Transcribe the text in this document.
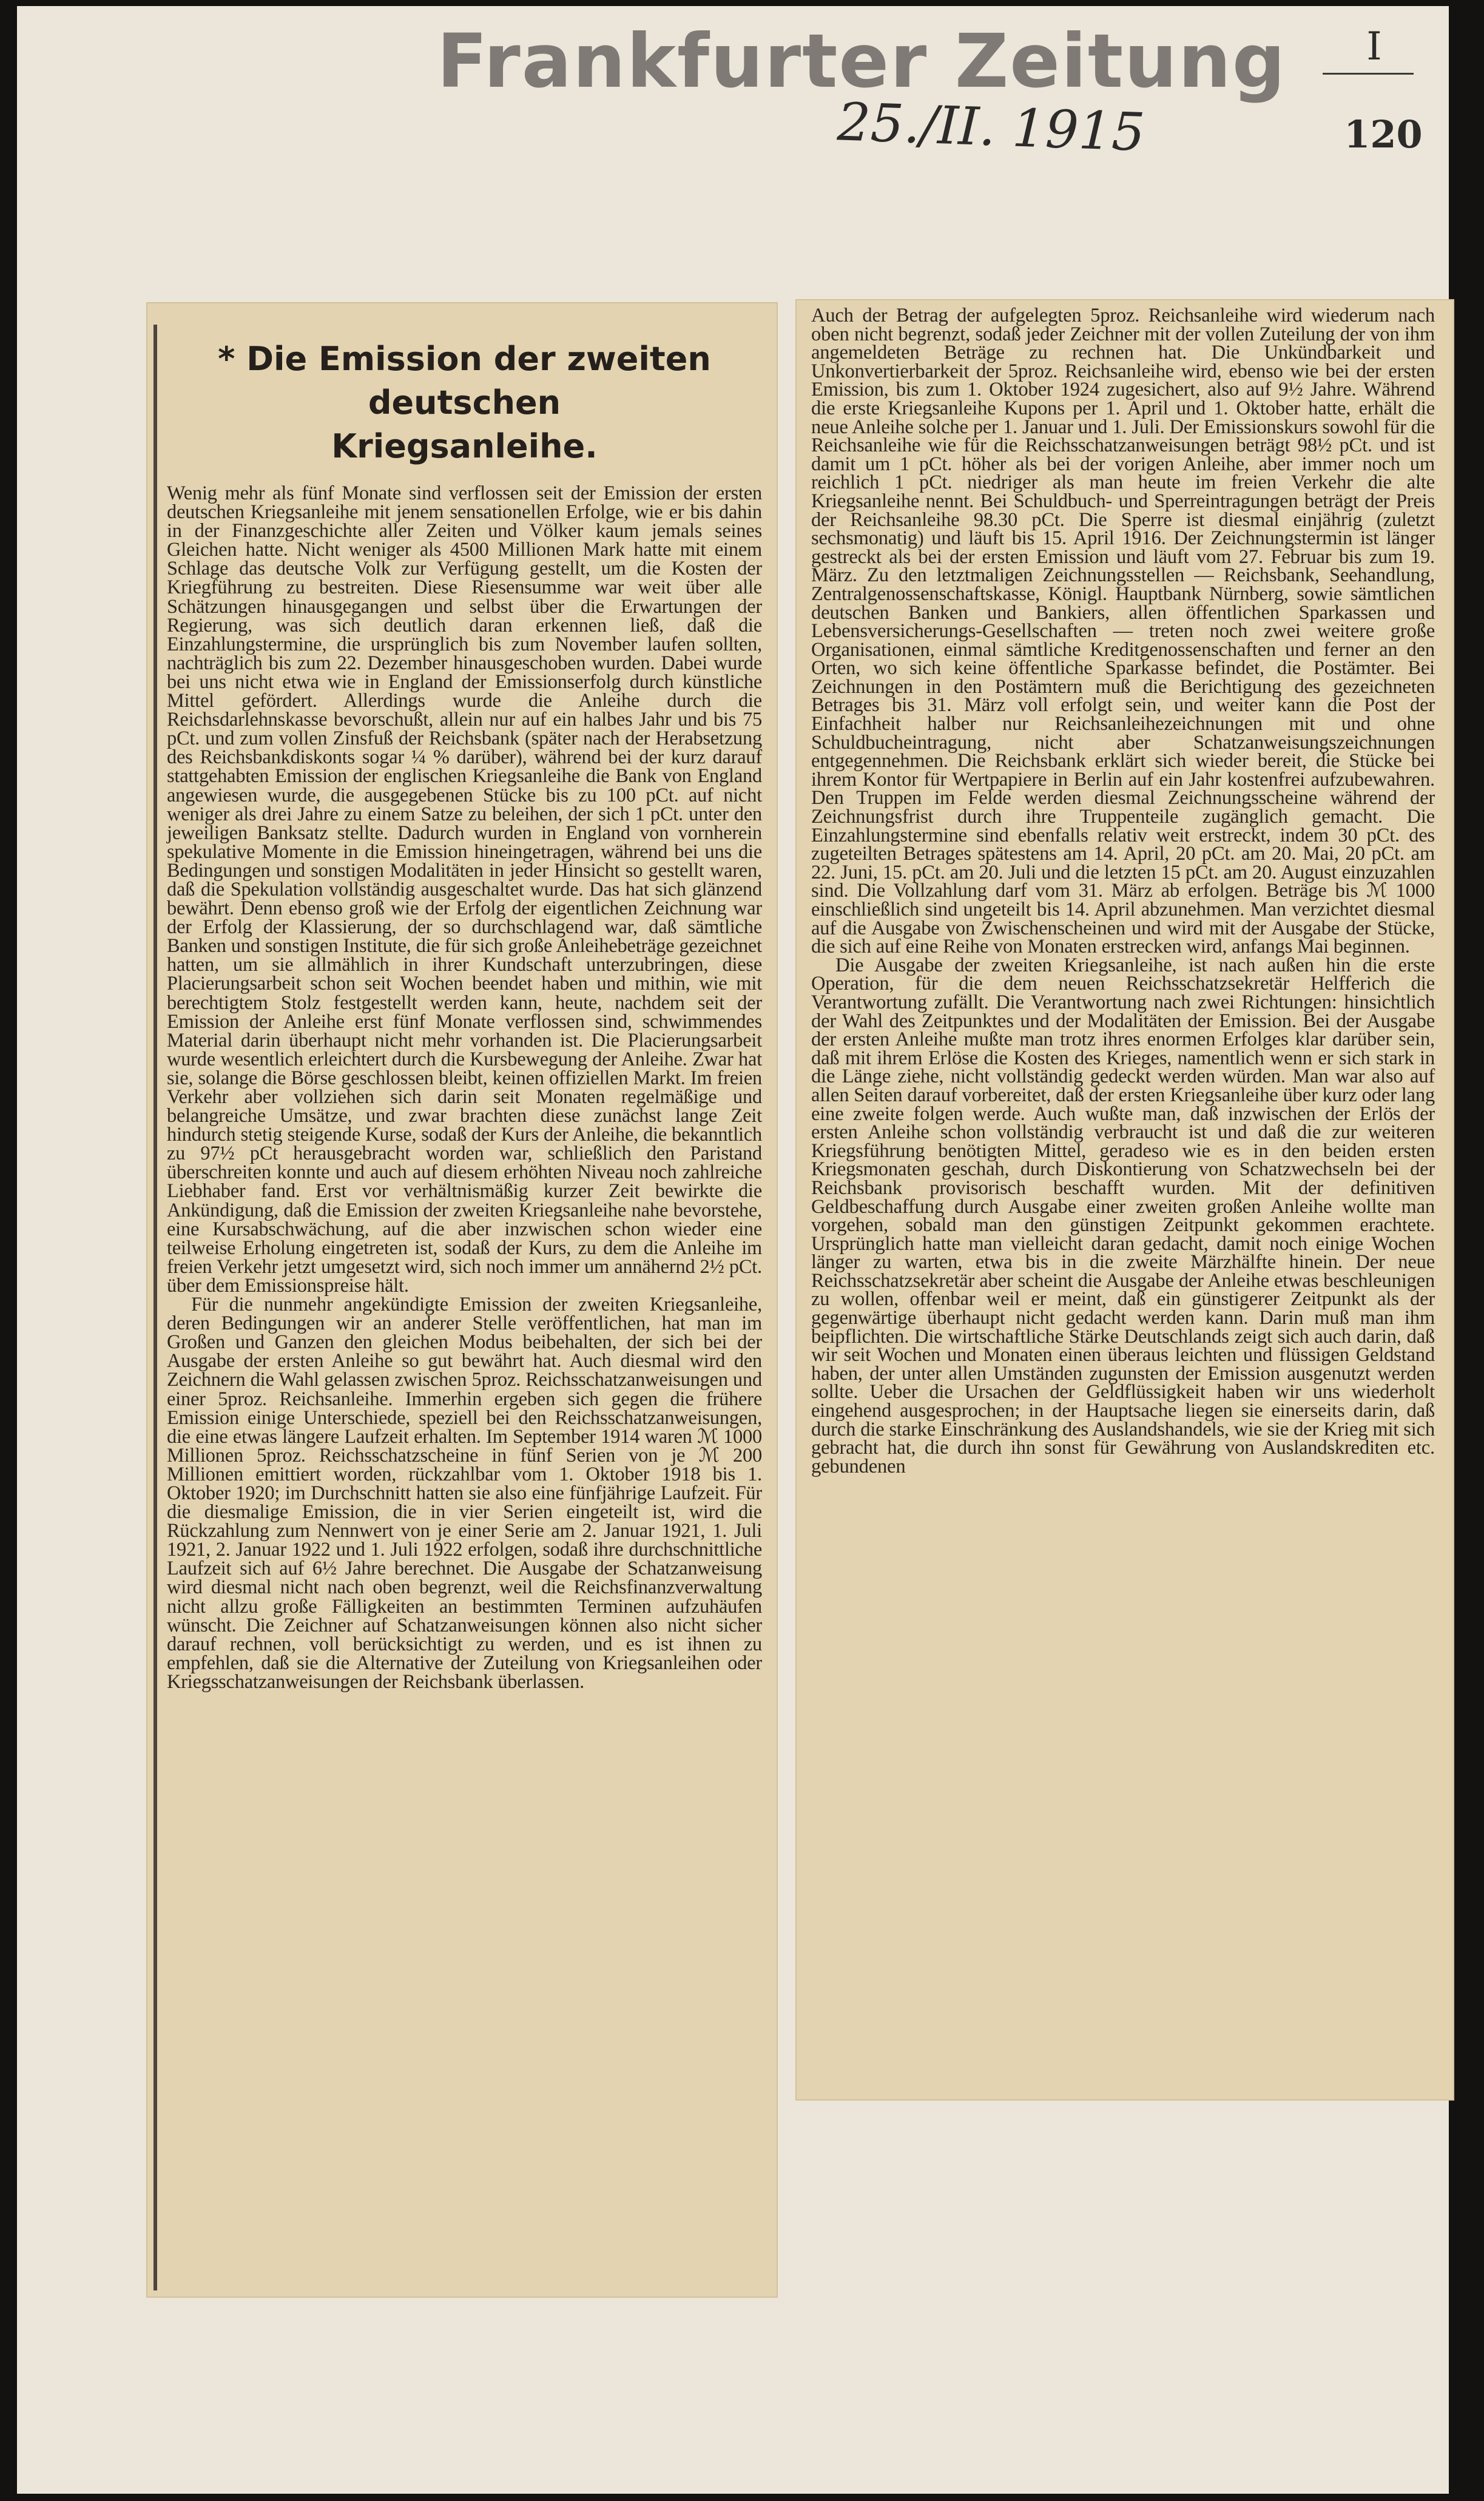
Frankfurter Zeitung
25./II. 1915
I
120
* Die Emission der zweiten deutschen
Kriegsanleihe.

Wenig mehr als fünf Monate sind verflossen seit der Emission der ersten deutschen Kriegsanleihe mit jenem sensationellen Erfolge, wie er bis dahin in der Finanzgeschichte aller Zeiten und Völker kaum jemals seines Gleichen hatte. Nicht weniger als 4500 Millionen Mark hatte mit einem Schlage das deutsche Volk zur Verfügung gestellt, um die Kosten der Kriegführung zu bestreiten. Diese Riesensumme war weit über alle Schätzungen hinausgegangen und selbst über die Erwartungen der Regierung, was sich deutlich daran erkennen ließ, daß die Einzahlungstermine, die ursprünglich bis zum November laufen sollten, nachträglich bis zum 22. Dezember hinausgeschoben wurden. Dabei wurde bei uns nicht etwa wie in England der Emissionserfolg durch künstliche Mittel gefördert. Allerdings wurde die Anleihe durch die Reichsdarlehnskasse bevorschußt, allein nur auf ein halbes Jahr und bis 75 pCt. und zum vollen Zinsfuß der Reichsbank (später nach der Herabsetzung des Reichsbankdiskonts sogar ¼ % darüber), während bei der kurz darauf stattgehabten Emission der englischen Kriegsanleihe die Bank von England angewiesen wurde, die ausgegebenen Stücke bis zu 100 pCt. auf nicht weniger als drei Jahre zu einem Satze zu beleihen, der sich 1 pCt. unter den jeweiligen Banksatz stellte. Dadurch wurden in England von vornherein spekulative Momente in die Emission hineingetragen, während bei uns die Bedingungen und sonstigen Modalitäten in jeder Hinsicht so gestellt waren, daß die Spekulation vollständig ausgeschaltet wurde. Das hat sich glänzend bewährt. Denn ebenso groß wie der Erfolg der eigentlichen Zeichnung war der Erfolg der Klassierung, der so durchschlagend war, daß sämtliche Banken und sonstigen Institute, die für sich große Anleihebeträge gezeichnet hatten, um sie allmählich in ihrer Kundschaft unterzubringen, diese Placierungsarbeit schon seit Wochen beendet haben und mithin, wie mit berechtigtem Stolz festgestellt werden kann, heute, nachdem seit der Emission der Anleihe erst fünf Monate verflossen sind, schwimmendes Material darin überhaupt nicht mehr vorhanden ist. Die Placierungsarbeit wurde wesentlich erleichtert durch die Kursbewegung der Anleihe. Zwar hat sie, solange die Börse geschlossen bleibt, keinen offiziellen Markt. Im freien Verkehr aber vollziehen sich darin seit Monaten regelmäßige und belangreiche Umsätze, und zwar brachten diese zunächst lange Zeit hindurch stetig steigende Kurse, sodaß der Kurs der Anleihe, die bekanntlich zu 97½ pCt herausgebracht worden war, schließlich den Paristand überschreiten konnte und auch auf diesem erhöhten Niveau noch zahlreiche Liebhaber fand. Erst vor verhältnismäßig kurzer Zeit bewirkte die Ankündigung, daß die Emission der zweiten Kriegsanleihe nahe bevorstehe, eine Kursabschwächung, auf die aber inzwischen schon wieder eine teilweise Erholung eingetreten ist, sodaß der Kurs, zu dem die Anleihe im freien Verkehr jetzt umgesetzt wird, sich noch immer um annähernd 2½ pCt. über dem Emissionspreise hält.

Für die nunmehr angekündigte Emission der zweiten Kriegsanleihe, deren Bedingungen wir an anderer Stelle veröffentlichen, hat man im Großen und Ganzen den gleichen Modus beibehalten, der sich bei der Ausgabe der ersten Anleihe so gut bewährt hat. Auch diesmal wird den Zeichnern die Wahl gelassen zwischen 5proz. Reichsschatzanweisungen und einer 5proz. Reichsanleihe. Immerhin ergeben sich gegen die frühere Emission einige Unterschiede, speziell bei den Reichsschatzanweisungen, die eine etwas längere Laufzeit erhalten. Im September 1914 waren ℳ 1000 Millionen 5proz. Reichsschatzscheine in fünf Serien von je ℳ 200 Millionen emittiert worden, rückzahlbar vom 1. Oktober 1918 bis 1. Oktober 1920; im Durchschnitt hatten sie also eine fünfjährige Laufzeit. Für die diesmalige Emission, die in vier Serien eingeteilt ist, wird die Rückzahlung zum Nennwert von je einer Serie am 2. Januar 1921, 1. Juli 1921, 2. Januar 1922 und 1. Juli 1922 erfolgen, sodaß ihre durchschnittliche Laufzeit sich auf 6½ Jahre berechnet. Die Ausgabe der Schatzanweisung wird diesmal nicht nach oben begrenzt, weil die Reichsfinanzverwaltung nicht allzu große Fälligkeiten an bestimmten Terminen aufzuhäufen wünscht. Die Zeichner auf Schatzanweisungen können also nicht sicher darauf rechnen, voll berücksichtigt zu werden, und es ist ihnen zu empfehlen, daß sie die Alternative der Zuteilung von Kriegsanleihen oder Kriegsschatzanweisungen der Reichsbank überlassen.

Auch der Betrag der aufgelegten 5proz. Reichsanleihe wird wiederum nach oben nicht begrenzt, sodaß jeder Zeichner mit der vollen Zuteilung der von ihm angemeldeten Beträge zu rechnen hat. Die Unkündbarkeit und Unkonvertierbarkeit der 5proz. Reichsanleihe wird, ebenso wie bei der ersten Emission, bis zum 1. Oktober 1924 zugesichert, also auf 9½ Jahre. Während die erste Kriegsanleihe Kupons per 1. April und 1. Oktober hatte, erhält die neue Anleihe solche per 1. Januar und 1. Juli. Der Emissionskurs sowohl für die Reichsanleihe wie für die Reichsschatzanweisungen beträgt 98½ pCt. und ist damit um 1 pCt. höher als bei der vorigen Anleihe, aber immer noch um reichlich 1 pCt. niedriger als man heute im freien Verkehr die alte Kriegsanleihe nennt. Bei Schuldbuch- und Sperreintragungen beträgt der Preis der Reichsanleihe 98.30 pCt. Die Sperre ist diesmal einjährig (zuletzt sechsmonatig) und läuft bis 15. April 1916. Der Zeichnungstermin ist länger gestreckt als bei der ersten Emission und läuft vom 27. Februar bis zum 19. März. Zu den letztmaligen Zeichnungsstellen — Reichsbank, Seehandlung, Zentralgenossenschaftskasse, Königl. Hauptbank Nürnberg, sowie sämtlichen deutschen Banken und Bankiers, allen öffentlichen Sparkassen und Lebensversicherungs-Gesellschaften — treten noch zwei weitere große Organisationen, einmal sämtliche Kreditgenossenschaften und ferner an den Orten, wo sich keine öffentliche Sparkasse befindet, die Postämter. Bei Zeichnungen in den Postämtern muß die Berichtigung des gezeichneten Betrages bis 31. März voll erfolgt sein, und weiter kann die Post der Einfachheit halber nur Reichsanleihezeichnungen mit und ohne Schuldbucheintragung, nicht aber Schatzanweisungszeichnungen entgegennehmen. Die Reichsbank erklärt sich wieder bereit, die Stücke bei ihrem Kontor für Wertpapiere in Berlin auf ein Jahr kostenfrei aufzubewahren. Den Truppen im Felde werden diesmal Zeichnungsscheine während der Zeichnungsfrist durch ihre Truppenteile zugänglich gemacht. Die Einzahlungstermine sind ebenfalls relativ weit erstreckt, indem 30 pCt. des zugeteilten Betrages spätestens am 14. April, 20 pCt. am 20. Mai, 20 pCt. am 22. Juni, 15. pCt. am 20. Juli und die letzten 15 pCt. am 20. August einzuzahlen sind. Die Vollzahlung darf vom 31. März ab erfolgen. Beträge bis ℳ 1000 einschließlich sind ungeteilt bis 14. April abzunehmen. Man verzichtet diesmal auf die Ausgabe von Zwischenscheinen und wird mit der Ausgabe der Stücke, die sich auf eine Reihe von Monaten erstrecken wird, anfangs Mai beginnen.

Die Ausgabe der zweiten Kriegsanleihe, ist nach außen hin die erste Operation, für die dem neuen Reichsschatzsekretär Helfferich die Verantwortung zufällt. Die Verantwortung nach zwei Richtungen: hinsichtlich der Wahl des Zeitpunktes und der Modalitäten der Emission. Bei der Ausgabe der ersten Anleihe mußte man trotz ihres enormen Erfolges klar darüber sein, daß mit ihrem Erlöse die Kosten des Krieges, namentlich wenn er sich stark in die Länge ziehe, nicht vollständig gedeckt werden würden. Man war also auf allen Seiten darauf vorbereitet, daß der ersten Kriegsanleihe über kurz oder lang eine zweite folgen werde. Auch wußte man, daß inzwischen der Erlös der ersten Anleihe schon vollständig verbraucht ist und daß die zur weiteren Kriegsführung benötigten Mittel, geradeso wie es in den beiden ersten Kriegsmonaten geschah, durch Diskontierung von Schatzwechseln bei der Reichsbank provisorisch beschafft wurden. Mit der definitiven Geldbeschaffung durch Ausgabe einer zweiten großen Anleihe wollte man vorgehen, sobald man den günstigen Zeitpunkt gekommen erachtete. Ursprünglich hatte man vielleicht daran gedacht, damit noch einige Wochen länger zu warten, etwa bis in die zweite Märzhälfte hinein. Der neue Reichsschatzsekretär aber scheint die Ausgabe der Anleihe etwas beschleunigen zu wollen, offenbar weil er meint, daß ein günstigerer Zeitpunkt als der gegenwärtige überhaupt nicht gedacht werden kann. Darin muß man ihm beipflichten. Die wirtschaftliche Stärke Deutschlands zeigt sich auch darin, daß wir seit Wochen und Monaten einen überaus leichten und flüssigen Geldstand haben, der unter allen Umständen zugunsten der Emission ausgenutzt werden sollte. Ueber die Ursachen der Geldflüssigkeit haben wir uns wiederholt eingehend ausgesprochen; in der Hauptsache liegen sie einerseits darin, daß durch die starke Einschränkung des Auslandshandels, wie sie der Krieg mit sich gebracht hat, die durch ihn sonst für Gewährung von Auslandskrediten etc. gebundenen
